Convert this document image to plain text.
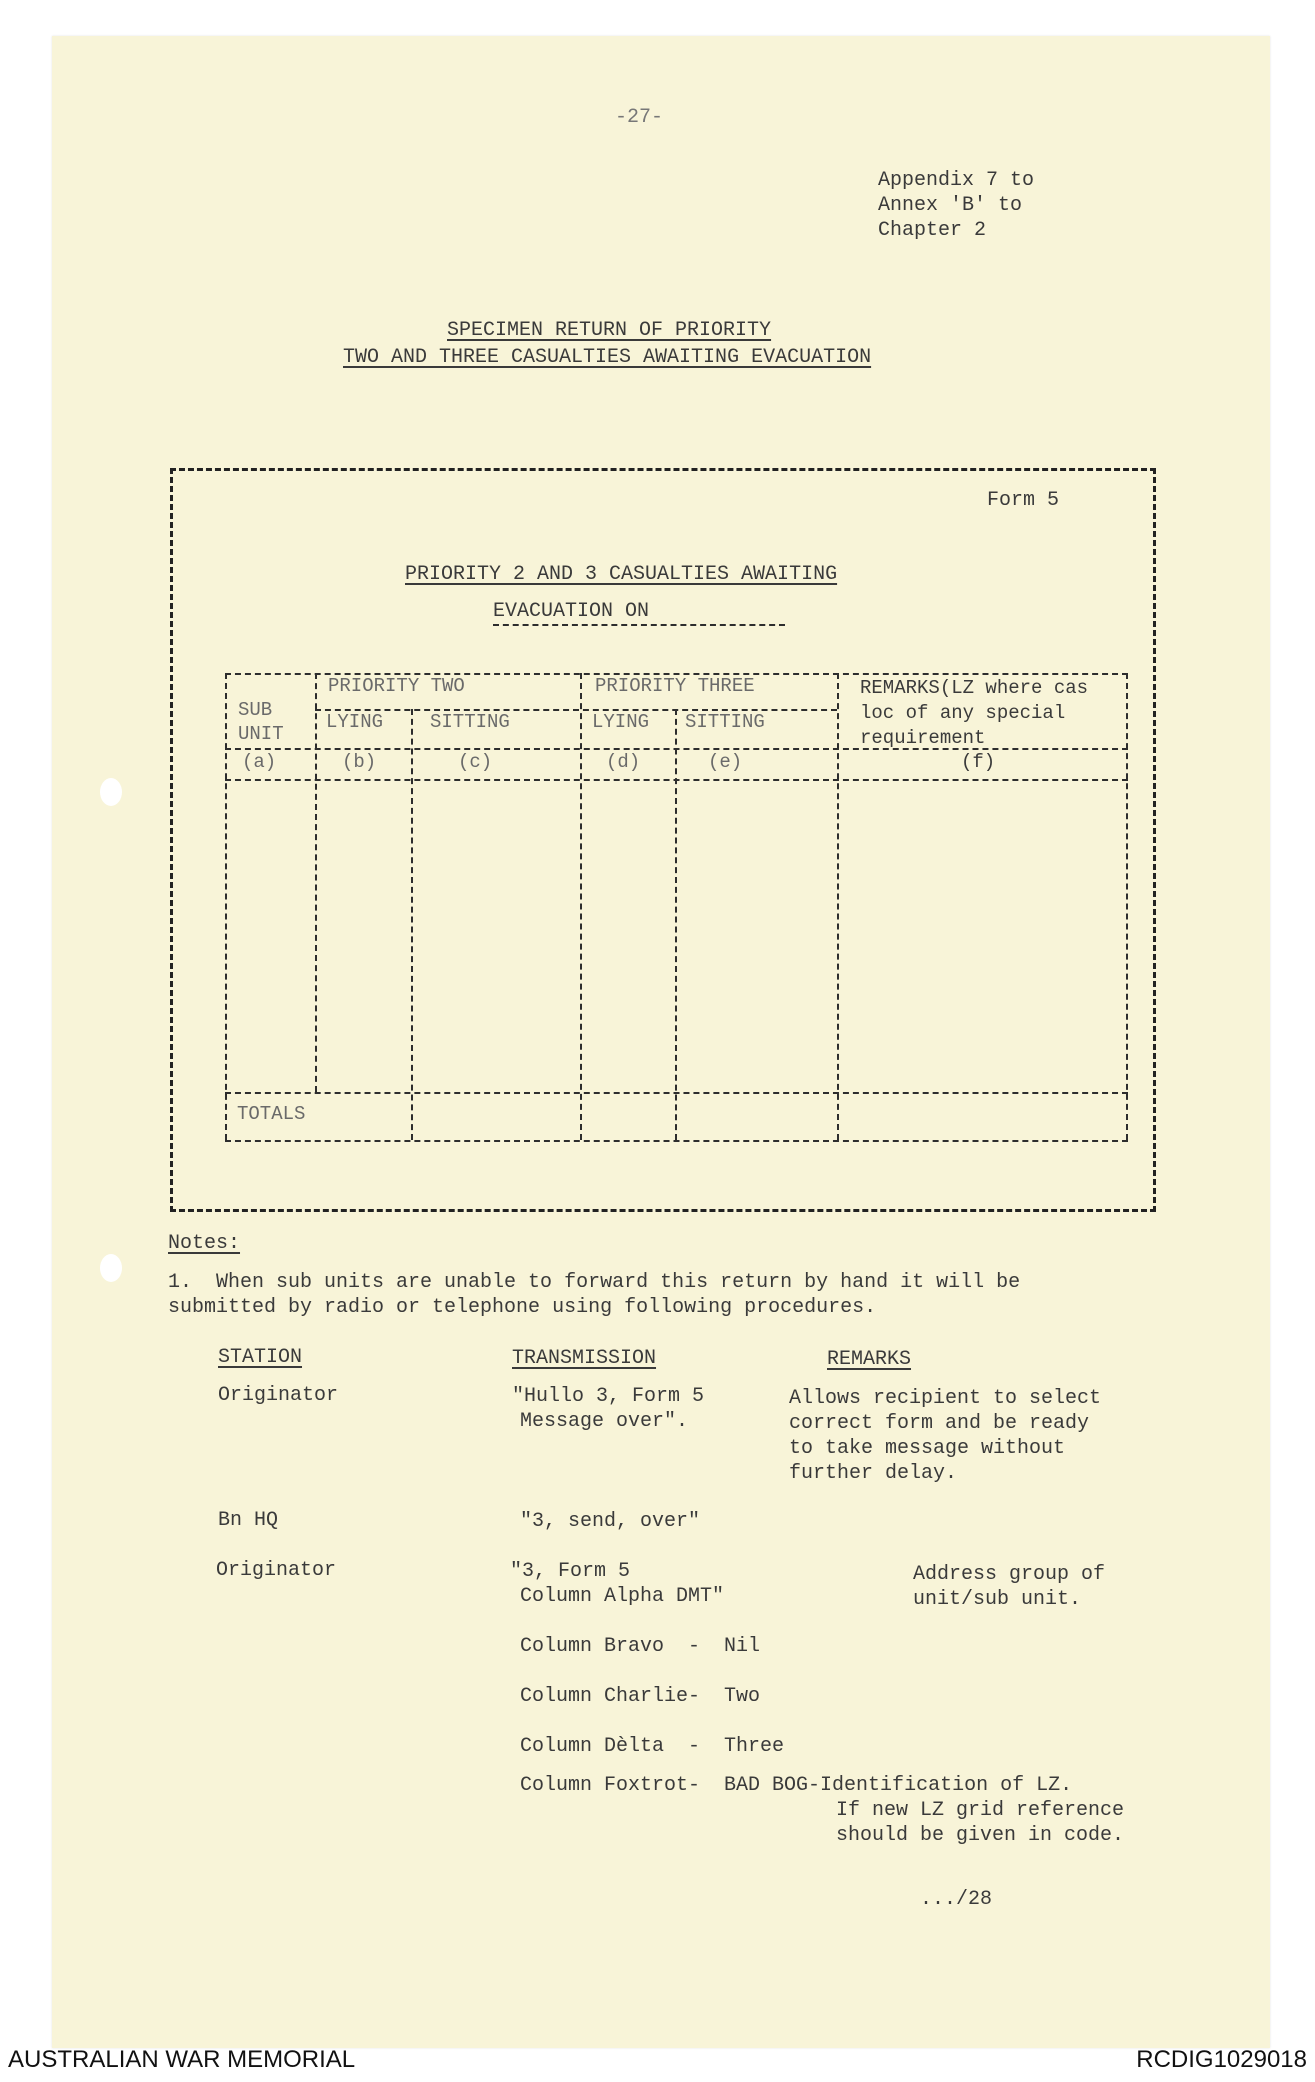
-27-
Appendix 7 to
Annex 'B' to
Chapter 2
SPECIMEN RETURN OF PRIORITY
TWO AND THREE CASUALTIES AWAITING EVACUATION
Form 5
PRIORITY 2 AND 3 CASUALTIES AWAITING
EVACUATION ON
SUB
UNIT
PRIORITY TWO	PRIORITY THREE
LYING SITTING	LYING SITTING
REMARKS(LZ where cas
loc of any special
requirement
(a)	(b)	(c)	(d)	(e)	(f)
TOTALS
Notes:
1.  When sub units are unable to forward this return by hand it will be
submitted by radio or telephone using following procedures.
STATION	TRANSMISSION	REMARKS
Originator	"Hullo 3, Form 5
Message over".
Allows recipient to select
correct form and be ready
to take message without
further delay.
Bn HQ	"3, send, over"
Originator	"3, Form 5
Column Alpha DMT"
Address group of
unit/sub unit.
Column Bravo  -  Nil
Column Charlie-  Two
Column Dèlta  -  Three
Column Foxtrot-  BAD BOG-Identification of LZ.
If new LZ grid reference
should be given in code.
.../28
AUSTRALIAN WAR MEMORIAL	RCDIG1029018
